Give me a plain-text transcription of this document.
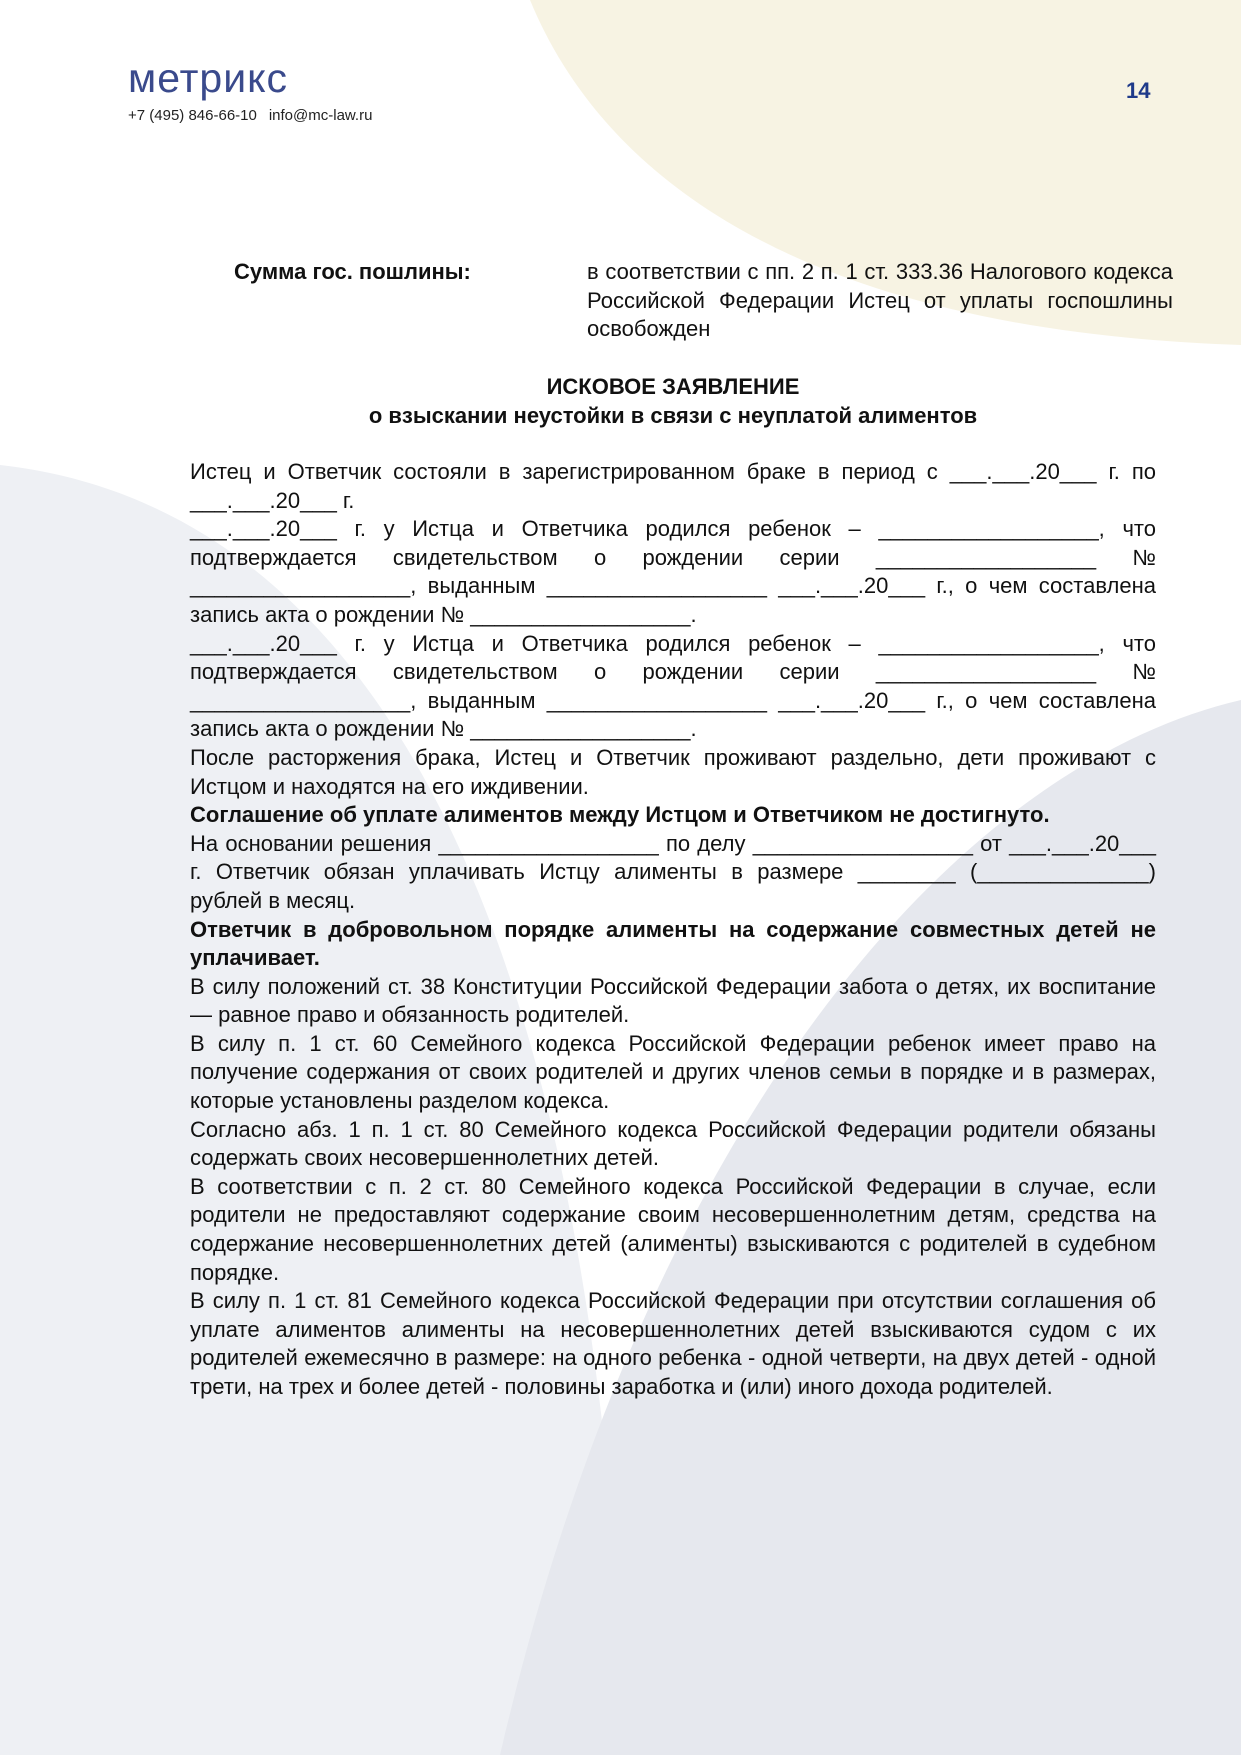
метрикс
+7 (495) 846-66-10 info@mc-law.ru
14
Сумма гос. пошлины:	в соответствии с пп. 2 п. 1 ст. 333.36 Налогового кодекса Российской Федерации Истец от уплаты госпошлины освобожден
ИСКОВОЕ ЗАЯВЛЕНИЕ
о взыскании неустойки в связи с неуплатой алиментов

Истец и Ответчик состояли в зарегистрированном браке в период с ___.___.20___ г. по ___.___.20___ г.

___.___.20___ г. у Истца и Ответчика родился ребенок – __________________, что подтверждается свидетельством о рождении серии __________________ № __________________, выданным __________________ ___.___.20___ г., о чем составлена запись акта о рождении № __________________.

___.___.20___ г. у Истца и Ответчика родился ребенок – __________________, что подтверждается свидетельством о рождении серии __________________ № __________________, выданным __________________ ___.___.20___ г., о чем составлена запись акта о рождении № __________________.

После расторжения брака, Истец и Ответчик проживают раздельно, дети проживают с Истцом и находятся на его иждивении.

Соглашение об уплате алиментов между Истцом и Ответчиком не достигнуто.

На основании решения __________________ по делу __________________ от ___.___.20___ г. Ответчик обязан уплачивать Истцу алименты в размере ________ (______________) рублей в месяц.

Ответчик в добровольном порядке алименты на содержание совместных детей не уплачивает.

В силу положений ст. 38 Конституции Российской Федерации забота о детях, их воспитание — равное право и обязанность родителей.

В силу п. 1 ст. 60 Семейного кодекса Российской Федерации ребенок имеет право на получение содержания от своих родителей и других членов семьи в порядке и в размерах, которые установлены разделом кодекса.

Согласно абз. 1 п. 1 ст. 80 Семейного кодекса Российской Федерации родители обязаны содержать своих несовершеннолетних детей.

В соответствии с п. 2 ст. 80 Семейного кодекса Российской Федерации в случае, если родители не предоставляют содержание своим несовершеннолетним детям, средства на содержание несовершеннолетних детей (алименты) взыскиваются с родителей в судебном порядке.

В силу п. 1 ст. 81 Семейного кодекса Российской Федерации при отсутствии соглашения об уплате алиментов алименты на несовершеннолетних детей взыскиваются судом с их родителей ежемесячно в размере: на одного ребенка - одной четверти, на двух детей - одной трети, на трех и более детей - половины заработка и (или) иного дохода родителей.
